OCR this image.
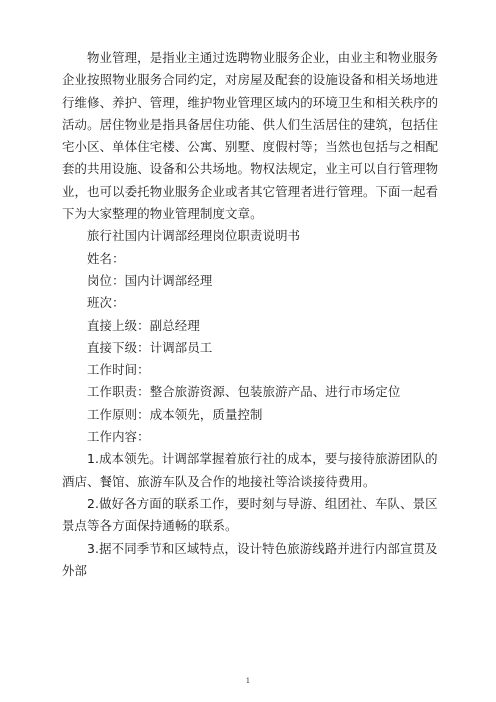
物业管理，是指业主通过选聘物业服务企业，由业主和物业服务企业按照物业服务合同约定，对房屋及配套的设施设备和相关场地进行维修、养护、管理，维护物业管理区域内的环境卫生和相关秩序的活动。居住物业是指具备居住功能、供人们生活居住的建筑，包括住宅小区、单体住宅楼、公寓、别墅、度假村等；当然也包括与之相配套的共用设施、设备和公共场地。物权法规定，业主可以自行管理物业，也可以委托物业服务企业或者其它管理者进行管理。下面一起看下为大家整理的物业管理制度文章。

旅行社国内计调部经理岗位职责说明书

姓名：

岗位：国内计调部经理

班次：

直接上级：副总经理

直接下级：计调部员工

工作时间：

工作职责：整合旅游资源、包装旅游产品、进行市场定位

工作原则：成本领先，质量控制

工作内容：

1.成本领先。计调部掌握着旅行社的成本，要与接待旅游团队的酒店、餐馆、旅游车队及合作的地接社等洽谈接待费用。

2.做好各方面的联系工作，要时刻与导游、组团社、车队、景区景点等各方面保持通畅的联系。

3.据不同季节和区域特点，设计特色旅游线路并进行内部宣贯及外部

1
